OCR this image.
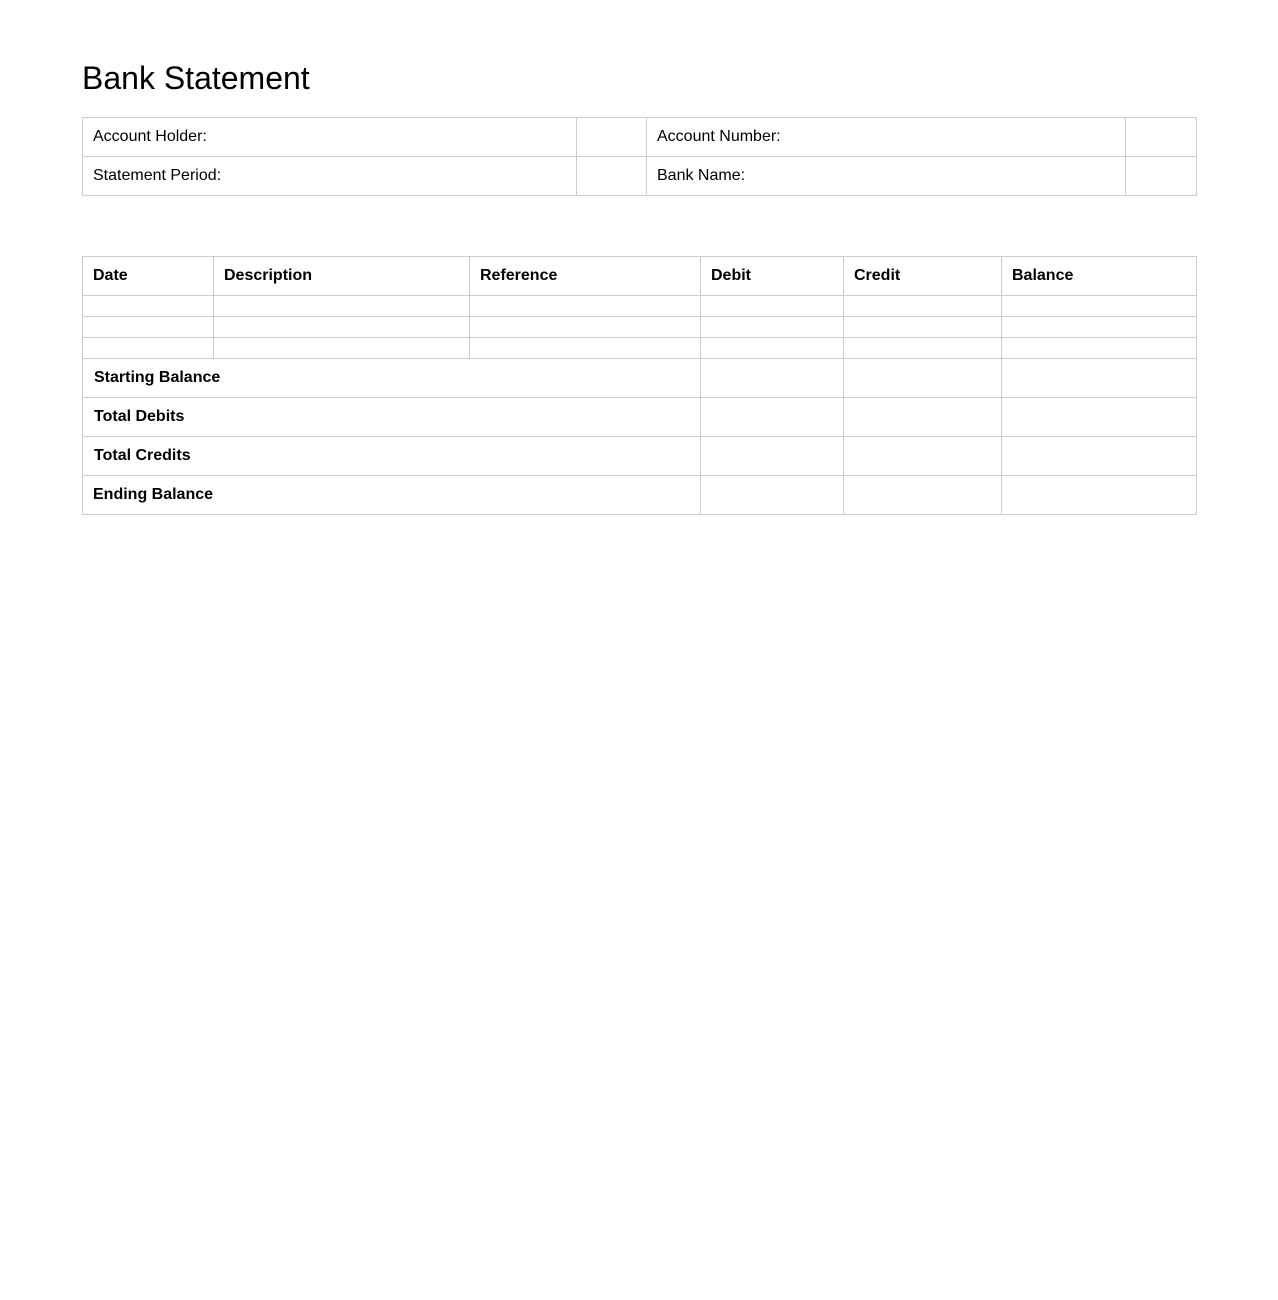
Bank Statement
Account Holder:		Account Number:	
Statement Period:		Bank Name:	
Date	Description	Reference	Debit	Credit	Balance

Starting Balance					
Total Debits					
Total Credits					
Ending Balance					
